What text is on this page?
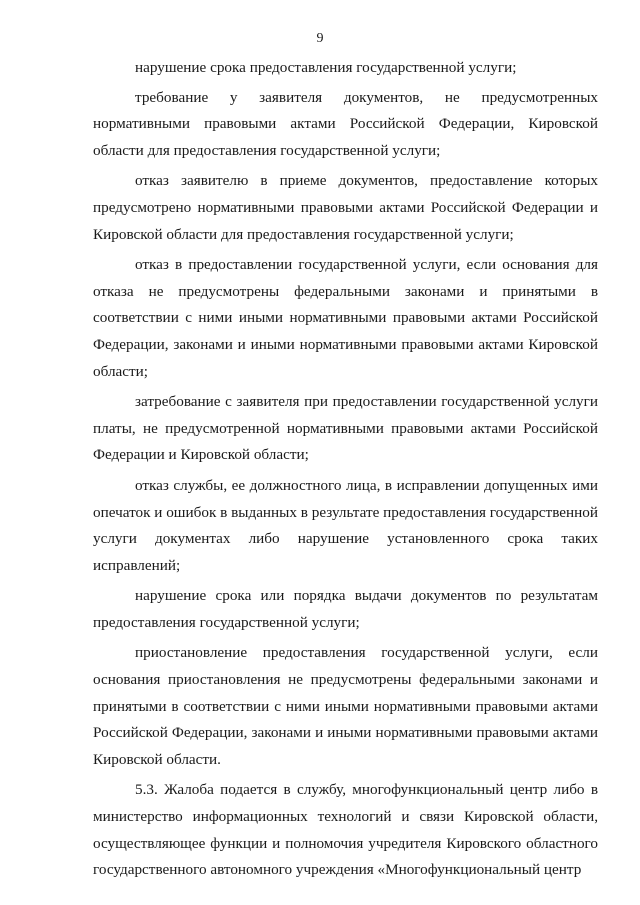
9

нарушение срока предоставления государственной услуги;

требование у заявителя документов, не предусмотренных нормативными правовыми актами Российской Федерации, Кировской области для предоставления государственной услуги;

отказ заявителю в приеме документов, предоставление которых предусмотрено нормативными правовыми актами Российской Федерации и Кировской области для предоставления государственной услуги;

отказ в предоставлении государственной услуги, если основания для отказа не предусмотрены федеральными законами и принятыми в соответствии с ними иными нормативными правовыми актами Российской Федерации, законами и иными нормативными правовыми актами Кировской области;

затребование с заявителя при предоставлении государственной услуги платы, не предусмотренной нормативными правовыми актами Российской Федерации и Кировской области;

отказ службы, ее должностного лица, в исправлении допущенных ими опечаток и ошибок в выданных в результате предоставления государственной услуги документах либо нарушение установленного срока таких исправлений;

нарушение срока или порядка выдачи документов по результатам предоставления государственной услуги;

приостановление предоставления государственной услуги, если основания приостановления не предусмотрены федеральными законами и принятыми в соответствии с ними иными нормативными правовыми актами Российской Федерации, законами и иными нормативными правовыми актами Кировской области.

5.3. Жалоба подается в службу, многофункциональный центр либо в министерство информационных технологий и связи Кировской области, осуществляющее функции и полномочия учредителя Кировского областного государственного автономного учреждения «Многофункциональный центр
